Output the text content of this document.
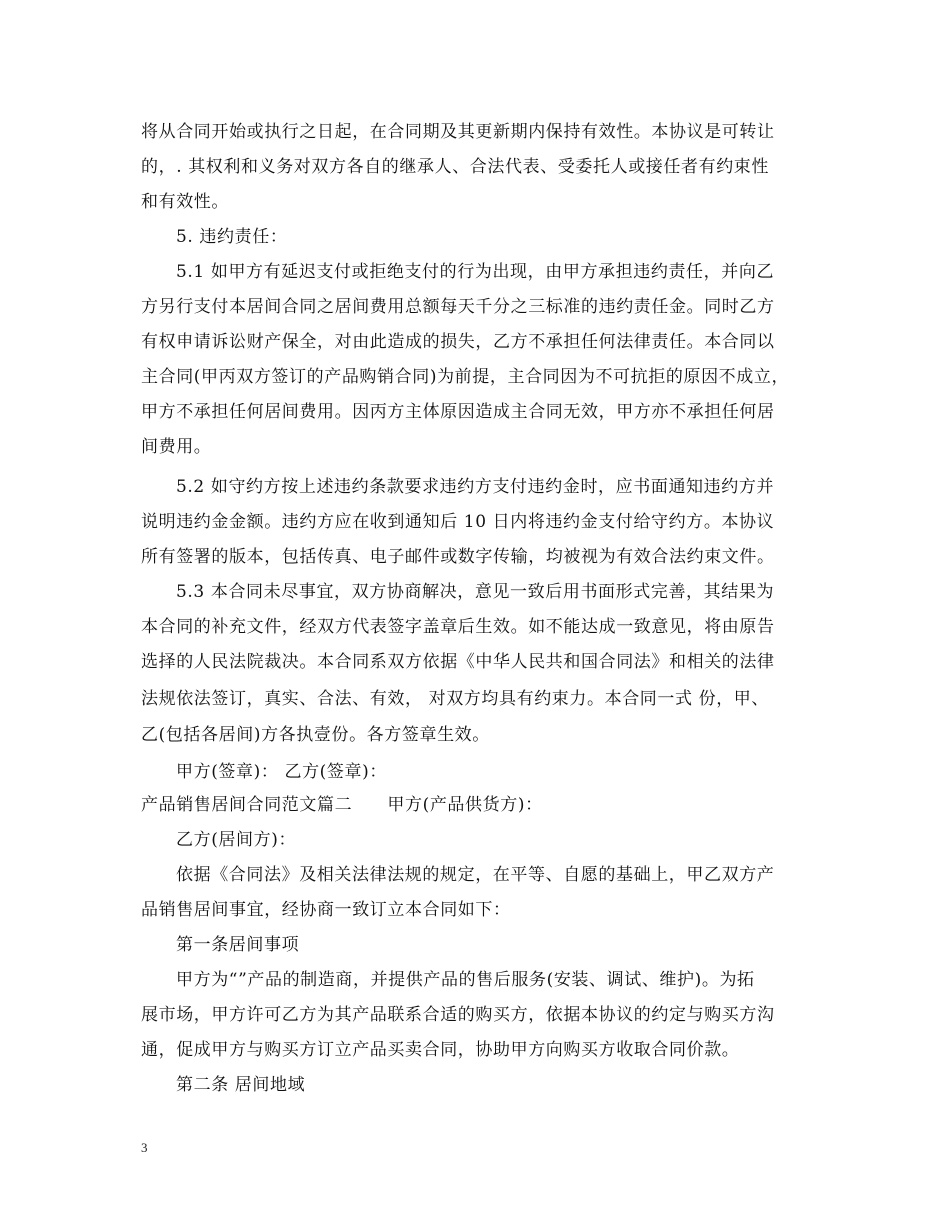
将从合同开始或执行之日起，在合同期及其更新期内保持有效性。本协议是可转让
的，. 其权利和义务对双方各自的继承人、合法代表、受委托人或接任者有约束性
和有效性。
5. 违约责任：
5.1 如甲方有延迟支付或拒绝支付的行为出现，由甲方承担违约责任，并向乙
方另行支付本居间合同之居间费用总额每天千分之三标准的违约责任金。同时乙方
有权申请诉讼财产保全，对由此造成的损失，乙方不承担任何法律责任。本合同以
主合同(甲丙双方签订的产品购销合同)为前提，主合同因为不可抗拒的原因不成立，
甲方不承担任何居间费用。因丙方主体原因造成主合同无效，甲方亦不承担任何居
间费用。
5.2 如守约方按上述违约条款要求违约方支付违约金时，应书面通知违约方并
说明违约金金额。违约方应在收到通知后 10 日内将违约金支付给守约方。本协议
所有签署的版本，包括传真、电子邮件或数字传输，均被视为有效合法约束文件。
5.3 本合同未尽事宜，双方协商解决，意见一致后用书面形式完善，其结果为
本合同的补充文件，经双方代表签字盖章后生效。如不能达成一致意见，将由原告
选择的人民法院裁决。本合同系双方依据《中华人民共和国合同法》和相关的法律
法规依法签订，真实、合法、有效， 对双方均具有约束力。本合同一式 份，甲、
乙(包括各居间)方各执壹份。各方签章生效。
甲方(签章)： 乙方(签章)：
产品销售居间合同范文篇二　　甲方(产品供货方)：
乙方(居间方)：
依据《合同法》及相关法律法规的规定，在平等、自愿的基础上，甲乙双方产
品销售居间事宜，经协商一致订立本合同如下：
第一条居间事项
甲方为“”产品的制造商，并提供产品的售后服务(安装、调试、维护)。为拓
展市场，甲方许可乙方为其产品联系合适的购买方，依据本协议的约定与购买方沟
通，促成甲方与购买方订立产品买卖合同，协助甲方向购买方收取合同价款。
第二条 居间地域
3
